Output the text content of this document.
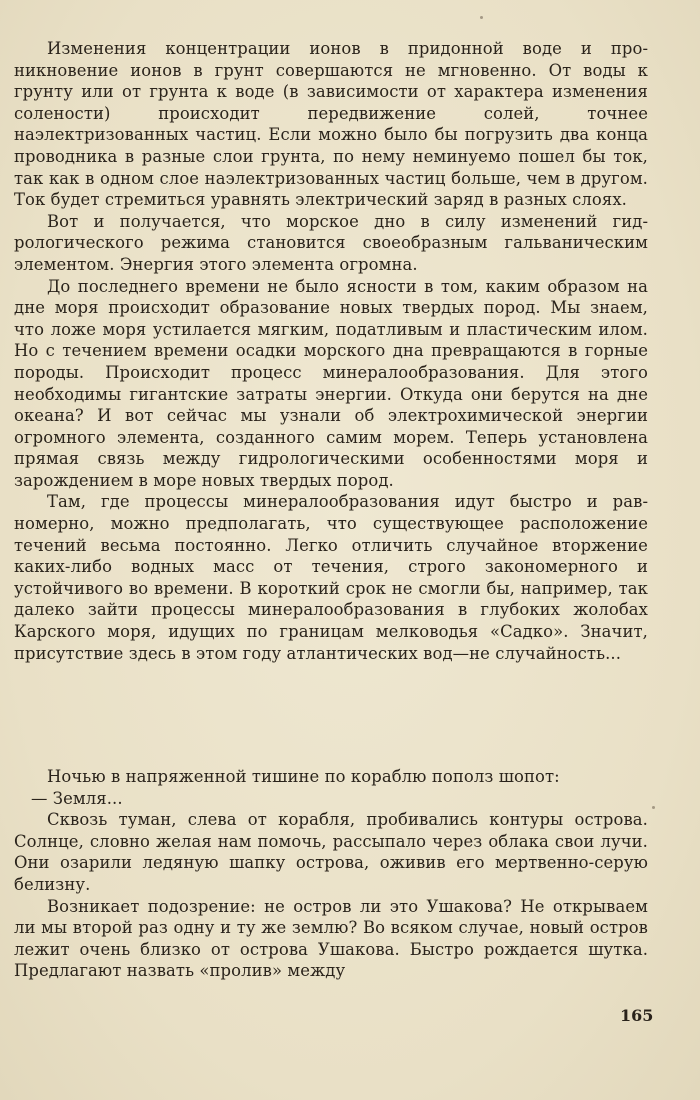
Изменения концентрации ионов в придонной воде и проникновение ионов в грунт совершаются не мгновенно. От воды к грунту или от грунта к воде (в зависимости от характера изменения солености) происходит передвижение солей, точнее наэлектризованных частиц. Если можно было бы погрузить два конца проводника в разные слои грунта, по нему неминуемо пошел бы ток, так как в одном слое наэлектризованных частиц больше, чем в другом. Ток будет стремиться уравнять электрический заряд в разных слоях.

Вот и получается, что морское дно в силу изменений гидрологического режима становится своеобразным гальваническим элементом. Энергия этого элемента огромна.

До последнего времени не было ясности в том, каким образом на дне моря происходит образование новых твердых пород. Мы знаем, что ложе моря устилается мягким, податливым и пластическим илом. Но с течением времени осадки морского дна превращаются в горные породы. Происходит процесс минералообразования. Для этого необходимы гигантские затраты энергии. Откуда они берутся на дне океана? И вот сейчас мы узнали об электрохимической энергии огромного элемента, созданного самим морем. Теперь установлена прямая связь между гидрологическими особенностями моря и зарождением в море новых твердых пород.

Там, где процессы минералообразования идут быстро и равномерно, можно предполагать, что существующее расположение течений весьма постоянно. Легко отличить случайное вторжение каких-либо водных масс от течения, строго закономерного и устойчивого во времени. В короткий срок не смогли бы, например, так далеко зайти процессы минералообразования в глубоких жолобах Карского моря, идущих по границам мелководья «Садко». Значит, присутствие здесь в этом году атлантических вод—не случайность...

Ночью в напряженной тишине по кораблю пополз шопот:

— Земля...

Сквозь туман, слева от корабля, пробивались контуры острова. Солнце, словно желая нам помочь, рассыпало через облака свои лучи. Они озарили ледяную шапку острова, оживив его мертвенно-серую белизну.

Возникает подозрение: не остров ли это Ушакова? Не открываем ли мы второй раз одну и ту же землю? Во всяком случае, новый остров лежит очень близко от острова Ушакова. Быстро рождается шутка. Предлагают назвать «пролив» между

165
